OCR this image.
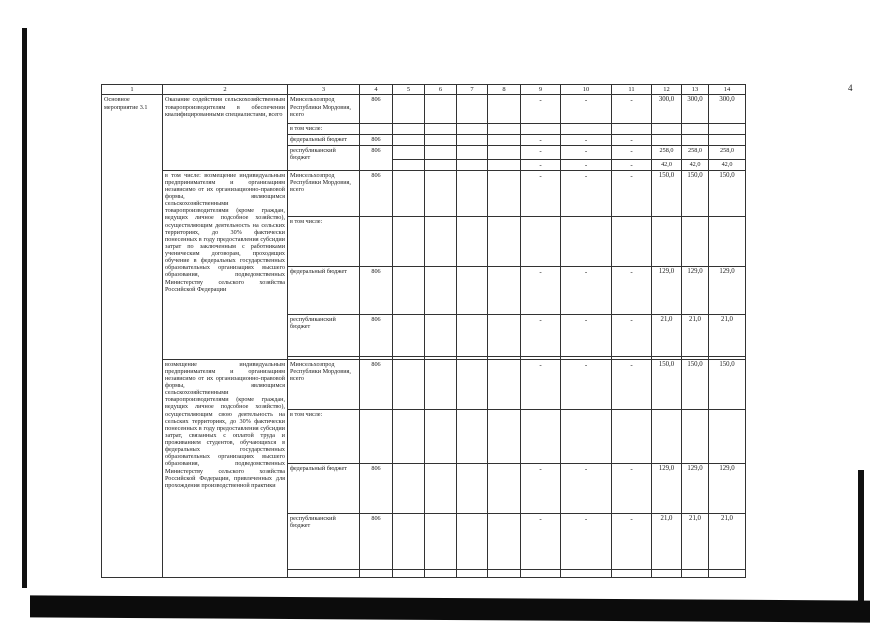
4
1	2	3	4	5	6	7	8	9	10	11	12	13	14
Основное мероприятие 3.1	Оказание содействия сельскохозяйственным товаропроизводителям в обеспечении квалифицированными специалистами, всего	Минсельхозпрод Республики Мордовия, всего	806					-	-	-	300,0	300,0	300,0
		в том числе:											
		федеральный бюджет	806					-	-	-			
		республиканский бюджет	806					-	-	-	258,0	258,0	258,0
								-	-	-	42,0	42,0	42,0
	в том числе: возмещение индивидуальным предпринимателям и организациям независимо от их организационно-правовой формы, являющимся сельскохозяйственными товаропроизводителями (кроме граждан, ведущих личное подсобное хозяйство), осуществляющим деятельность на сельских территориях, до 30% фактически понесенных в году предоставления субсидии затрат по заключенным с работниками ученическим договорам, проходящих обучение в федеральных государственных образовательных организациях высшего образования, подведомственных Министерству сельского хозяйства Российской Федерации	Минсельхозпрод Республики Мордовия, всего	806					-	-	-	150,0	150,0	150,0
		в том числе:											
		федеральный бюджет	806					-	-	-	129,0	129,0	129,0
		республиканский бюджет	806					-	-	-	21,0	21,0	21,0

	возмещение индивидуальным предпринимателям и организациям независимо от их организационно-правовой формы, являющимся сельскохозяйственными товаропроизводителями (кроме граждан, ведущих личное подсобное хозяйство), осуществляющим свою деятельность на сельских территориях, до 30% фактически понесенных в году предоставления субсидии затрат, связанных с оплатой труда и проживанием студентов, обучающихся в федеральных государственных образовательных организациях высшего образования, подведомственных Министерству сельского хозяйства Российской Федерации, привлеченных для прохождения производственной практики	Минсельхозпрод Республики Мордовия, всего	806					-	-	-	150,0	150,0	150,0
		в том числе:											
		федеральный бюджет	806					-	-	-	129,0	129,0	129,0
		республиканский бюджет	806					-	-	-	21,0	21,0	21,0
